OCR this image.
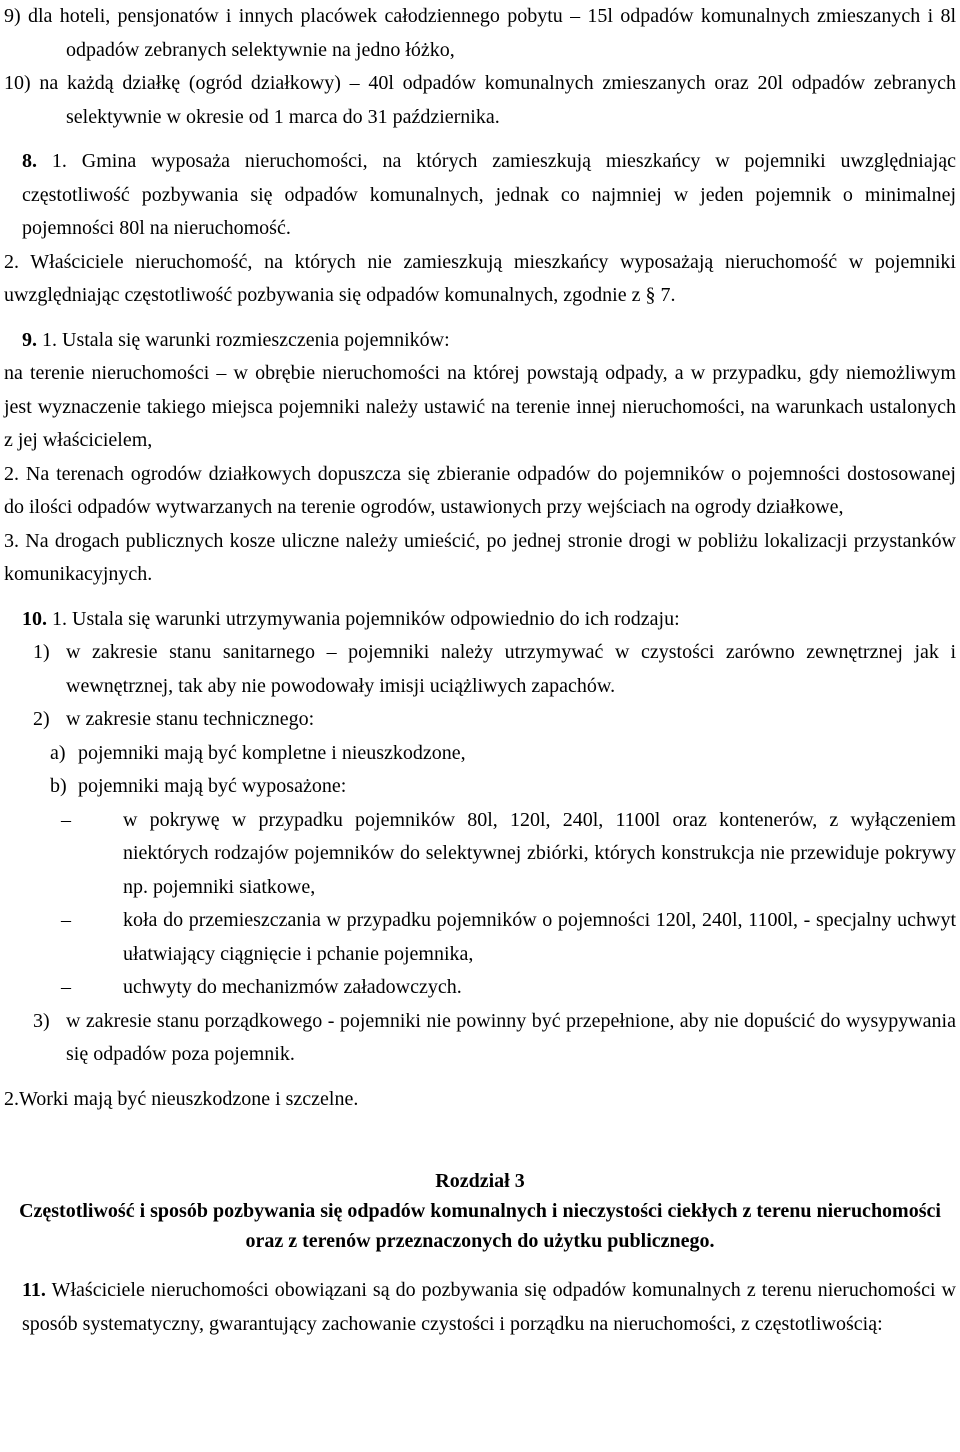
9) dla hoteli, pensjonatów i innych placówek całodziennego pobytu – 15l odpadów komunalnych zmieszanych i 8l odpadów zebranych selektywnie na jedno łóżko,

10) na każdą działkę (ogród działkowy) – 40l odpadów komunalnych zmieszanych oraz 20l odpadów zebranych selektywnie w okresie od 1 marca do 31 października.

8. 1. Gmina wyposaża nieruchomości, na których zamieszkują mieszkańcy w pojemniki uwzględniając częstotliwość pozbywania się odpadów komunalnych, jednak co najmniej w jeden pojemnik o minimalnej pojemności 80l na nieruchomość.

2. Właściciele nieruchomość, na których nie zamieszkują mieszkańcy wyposażają nieruchomość w pojemniki uwzględniając częstotliwość pozbywania się odpadów komunalnych, zgodnie z § 7.

9. 1. Ustala się warunki rozmieszczenia pojemników:

na terenie nieruchomości – w obrębie nieruchomości na której powstają odpady, a w przypadku, gdy niemożliwym jest wyznaczenie takiego miejsca pojemniki należy ustawić na terenie innej nieruchomości, na warunkach ustalonych z jej właścicielem,

2. Na terenach ogrodów działkowych dopuszcza się zbieranie odpadów do pojemników o pojemności dostosowanej do ilości odpadów wytwarzanych na terenie ogrodów, ustawionych przy wejściach na ogrody działkowe,

3. Na drogach publicznych kosze uliczne należy umieścić, po jednej stronie drogi w pobliżu lokalizacji przystanków komunikacyjnych.

10. 1. Ustala się warunki utrzymywania pojemników odpowiednio do ich rodzaju:

1) w zakresie stanu sanitarnego – pojemniki należy utrzymywać w czystości zarówno zewnętrznej jak i wewnętrznej, tak aby nie powodowały imisji uciążliwych zapachów.
2) w zakresie stanu technicznego:
a) pojemniki mają być kompletne i nieuszkodzone,
b) pojemniki mają być wyposażone:
–	w pokrywę w przypadku pojemników 80l, 120l, 240l, 1100l oraz kontenerów, z wyłączeniem niektórych rodzajów pojemników do selektywnej zbiórki, których konstrukcja nie przewiduje pokrywy np. pojemniki siatkowe,
–	koła do przemieszczania w przypadku pojemników o pojemności 120l, 240l, 1100l, - specjalny uchwyt ułatwiający ciągnięcie i pchanie pojemnika,
–	uchwyty do mechanizmów załadowczych.
3) w zakresie stanu porządkowego - pojemniki nie powinny być przepełnione, aby nie dopuścić do wysypywania się odpadów poza pojemnik.

2.Worki mają być nieuszkodzone i szczelne.

Rozdział 3

Częstotliwość i sposób pozbywania się odpadów komunalnych i nieczystości ciekłych z terenu nieruchomości oraz z terenów przeznaczonych do użytku publicznego.

11. Właściciele nieruchomości obowiązani są do pozbywania się odpadów komunalnych z terenu nieruchomości w sposób systematyczny, gwarantujący zachowanie czystości i porządku na nieruchomości, z częstotliwością:
